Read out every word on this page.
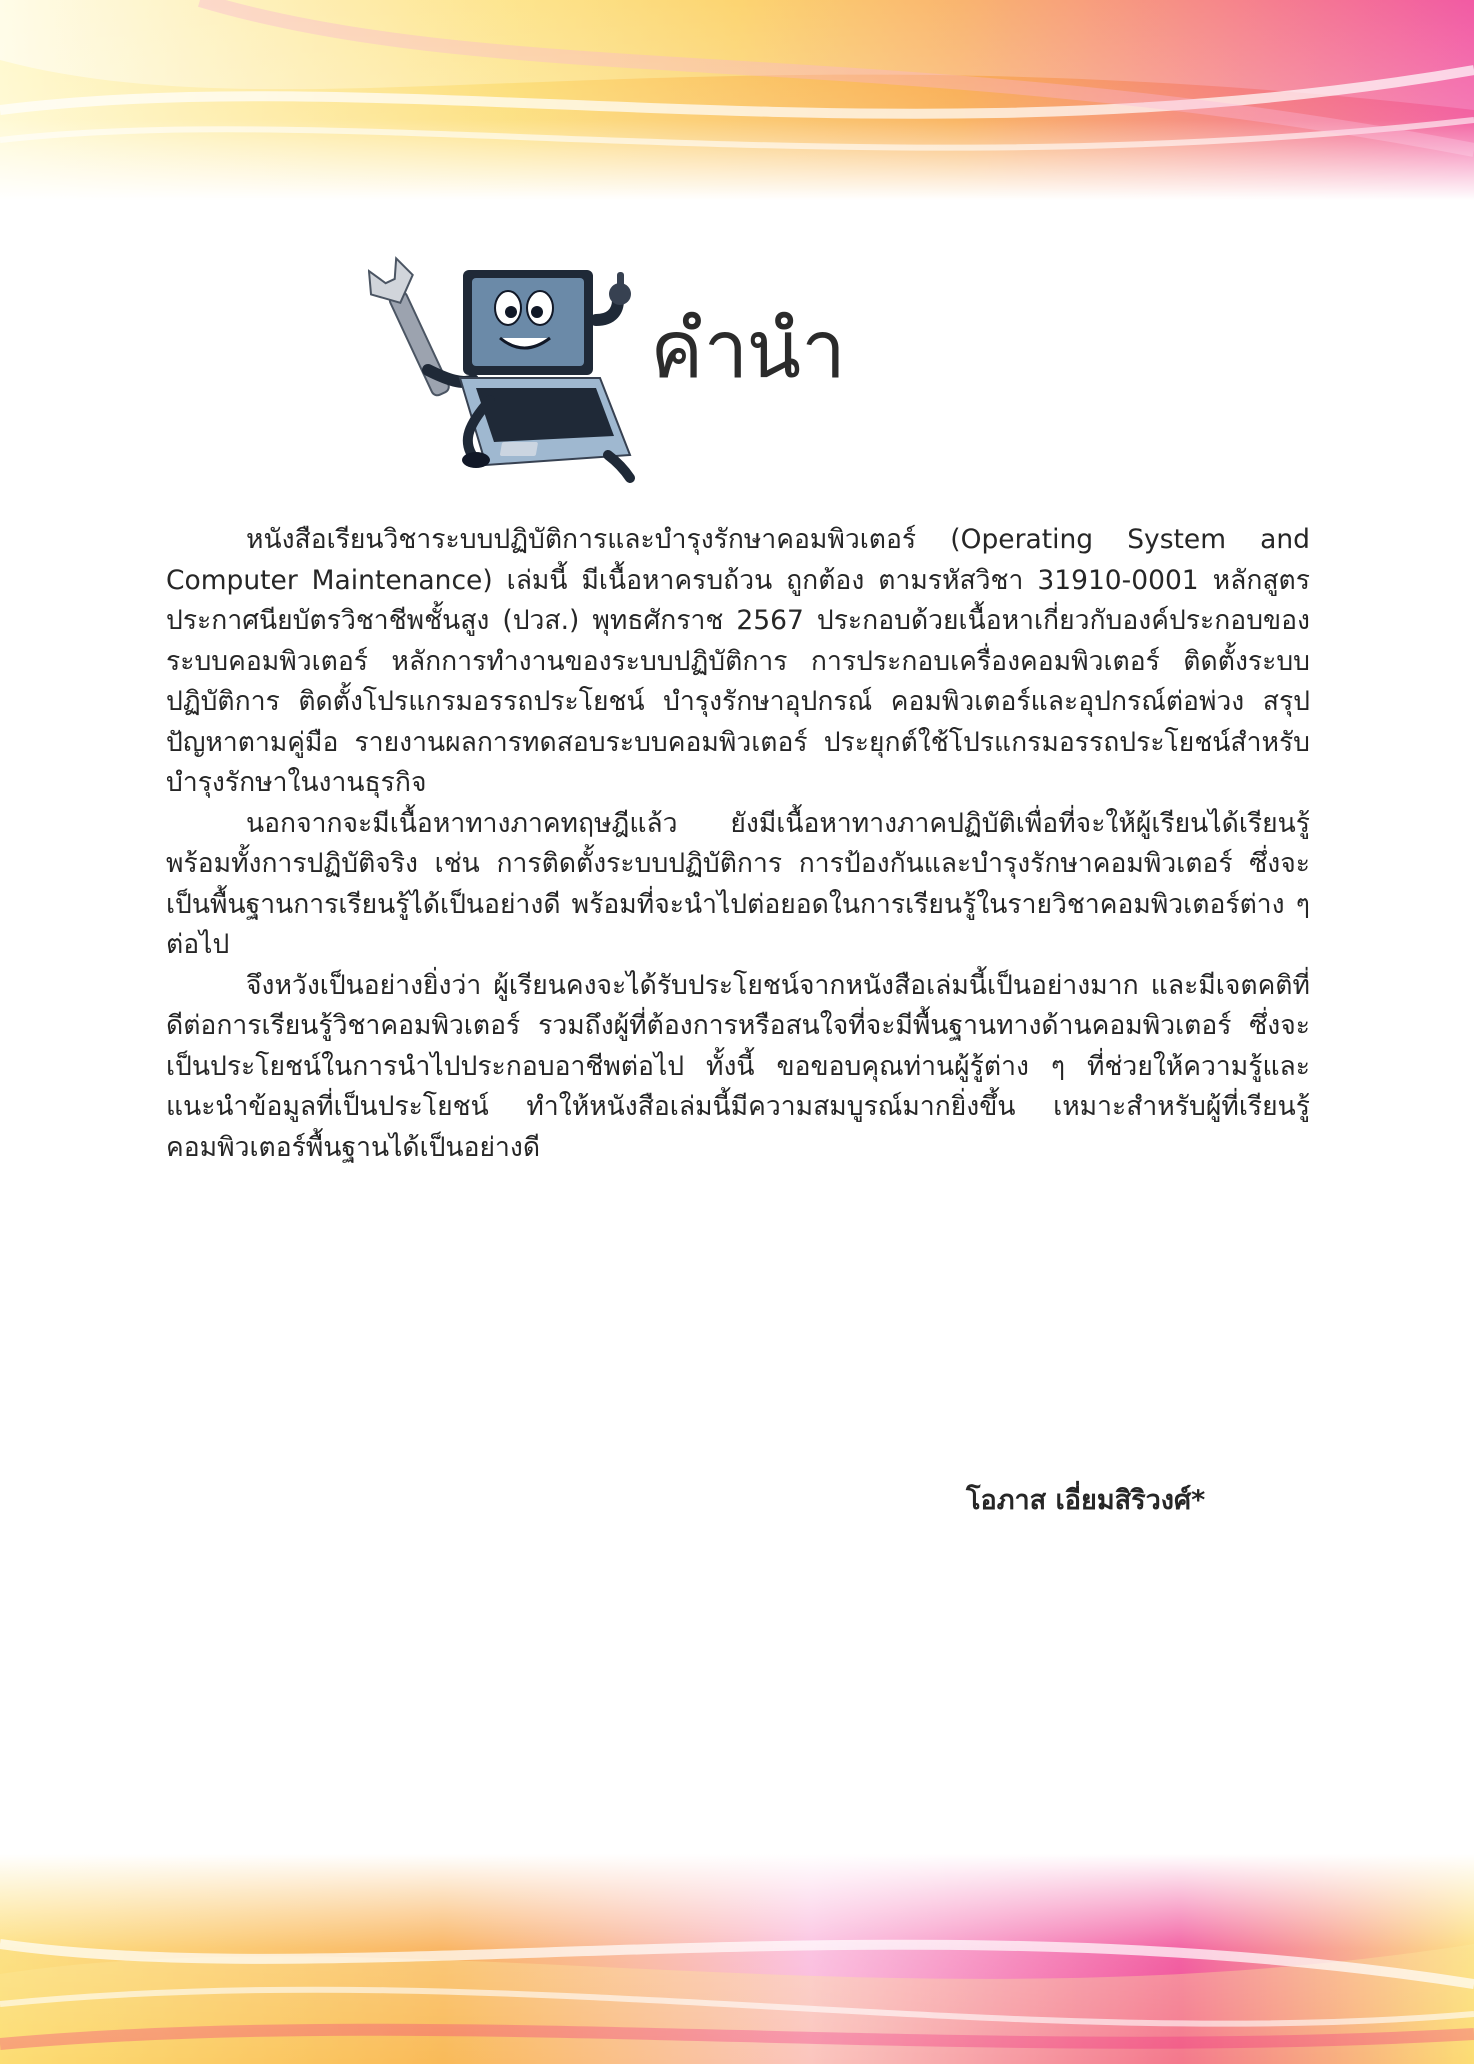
คำนำ

หนังสือเรียนวิชาระบบปฏิบัติการและบำรุงรักษาคอมพิวเตอร์ (Operating System and Computer Maintenance) เล่มนี้ มีเนื้อหาครบถ้วน ถูกต้อง ตามรหัสวิชา 31910-0001 หลักสูตรประกาศนียบัตรวิชาชีพชั้นสูง (ปวส.) พุทธศักราช 2567 ประกอบด้วยเนื้อหาเกี่ยวกับองค์ประกอบของระบบคอมพิวเตอร์ หลักการทำงานของระบบปฏิบัติการ การประกอบเครื่องคอมพิวเตอร์ ติดตั้งระบบปฏิบัติการ ติดตั้งโปรแกรมอรรถประโยชน์ บำรุงรักษาอุปกรณ์ คอมพิวเตอร์และอุปกรณ์ต่อพ่วง สรุปปัญหาตามคู่มือ รายงานผลการทดสอบระบบคอมพิวเตอร์ ประยุกต์ใช้โปรแกรมอรรถประโยชน์สำหรับบำรุงรักษาในงานธุรกิจ

นอกจากจะมีเนื้อหาทางภาคทฤษฎีแล้ว ยังมีเนื้อหาทางภาคปฏิบัติเพื่อที่จะให้ผู้เรียนได้เรียนรู้พร้อมทั้งการปฏิบัติจริง เช่น การติดตั้งระบบปฏิบัติการ การป้องกันและบำรุงรักษาคอมพิวเตอร์ ซึ่งจะเป็นพื้นฐานการเรียนรู้ได้เป็นอย่างดี พร้อมที่จะนำไปต่อยอดในการเรียนรู้ในรายวิชาคอมพิวเตอร์ต่าง ๆ ต่อไป

จึงหวังเป็นอย่างยิ่งว่า ผู้เรียนคงจะได้รับประโยชน์จากหนังสือเล่มนี้เป็นอย่างมาก และมีเจตคติที่ดีต่อการเรียนรู้วิชาคอมพิวเตอร์ รวมถึงผู้ที่ต้องการหรือสนใจที่จะมีพื้นฐานทางด้านคอมพิวเตอร์ ซึ่งจะเป็นประโยชน์ในการนำไปประกอบอาชีพต่อไป ทั้งนี้ ขอขอบคุณท่านผู้รู้ต่าง ๆ ที่ช่วยให้ความรู้และแนะนำข้อมูลที่เป็นประโยชน์ ทำให้หนังสือเล่มนี้มีความสมบูรณ์มากยิ่งขึ้น เหมาะสำหรับผู้ที่เรียนรู้คอมพิวเตอร์พื้นฐานได้เป็นอย่างดี

โอภาส เอี่ยมสิริวงศ์*
